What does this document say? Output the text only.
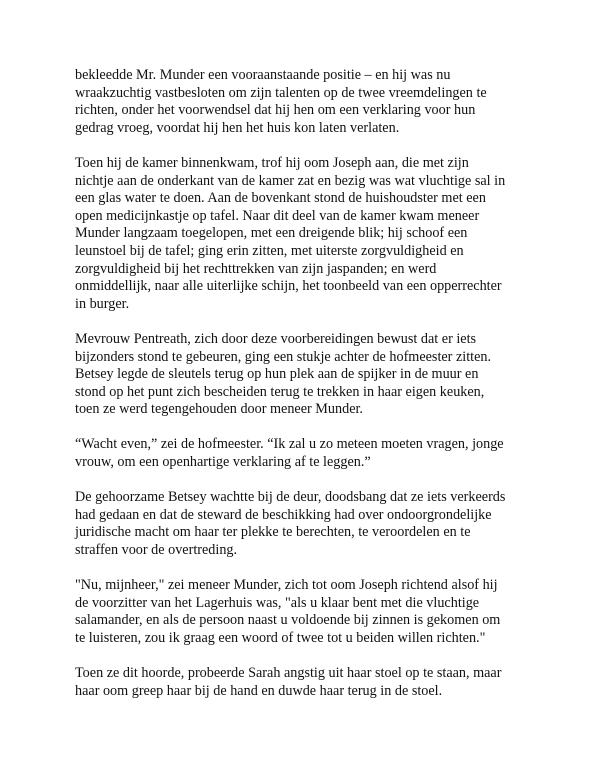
bekleedde Mr. Munder een vooraanstaande positie – en hij was nu
wraakzuchtig vastbesloten om zijn talenten op de twee vreemdelingen te
richten, onder het voorwendsel dat hij hen om een verklaring voor hun
gedrag vroeg, voordat hij hen het huis kon laten verlaten.

Toen hij de kamer binnenkwam, trof hij oom Joseph aan, die met zijn
nichtje aan de onderkant van de kamer zat en bezig was wat vluchtige sal in
een glas water te doen. Aan de bovenkant stond de huishoudster met een
open medicijnkastje op tafel. Naar dit deel van de kamer kwam meneer
Munder langzaam toegelopen, met een dreigende blik; hij schoof een
leunstoel bij de tafel; ging erin zitten, met uiterste zorgvuldigheid en
zorgvuldigheid bij het rechttrekken van zijn jaspanden; en werd
onmiddellijk, naar alle uiterlijke schijn, het toonbeeld van een opperrechter
in burger.

Mevrouw Pentreath, zich door deze voorbereidingen bewust dat er iets
bijzonders stond te gebeuren, ging een stukje achter de hofmeester zitten.
Betsey legde de sleutels terug op hun plek aan de spijker in de muur en
stond op het punt zich bescheiden terug te trekken in haar eigen keuken,
toen ze werd tegengehouden door meneer Munder.

“Wacht even,” zei de hofmeester. “Ik zal u zo meteen moeten vragen, jonge
vrouw, om een openhartige verklaring af te leggen.”

De gehoorzame Betsey wachtte bij de deur, doodsbang dat ze iets verkeerds
had gedaan en dat de steward de beschikking had over ondoorgrondelijke
juridische macht om haar ter plekke te berechten, te veroordelen en te
straffen voor de overtreding.

"Nu, mijnheer," zei meneer Munder, zich tot oom Joseph richtend alsof hij
de voorzitter van het Lagerhuis was, "als u klaar bent met die vluchtige
salamander, en als de persoon naast u voldoende bij zinnen is gekomen om
te luisteren, zou ik graag een woord of twee tot u beiden willen richten."

Toen ze dit hoorde, probeerde Sarah angstig uit haar stoel op te staan, maar
haar oom greep haar bij de hand en duwde haar terug in de stoel.
